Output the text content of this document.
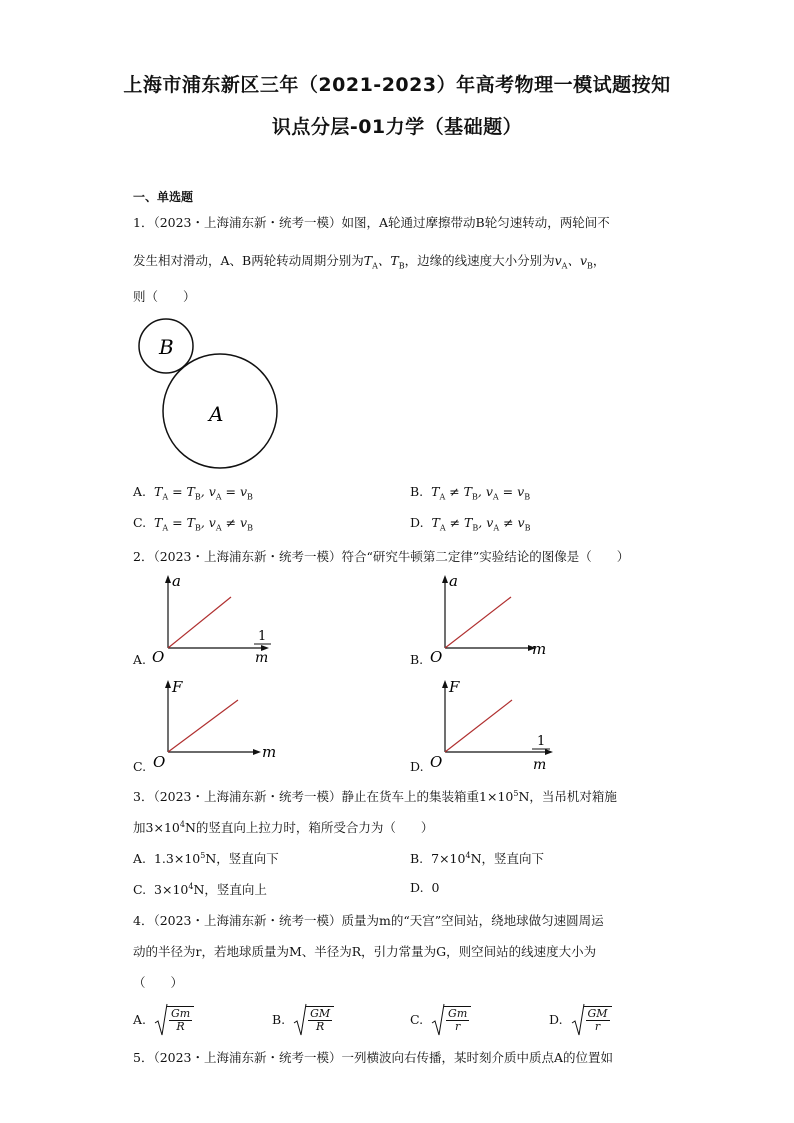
上海市浦东新区三年（2021-2023）年高考物理一模试题按知
识点分层-01力学（基础题）
一、单选题
1．（2023・上海浦东新・统考一模）如图，A轮通过摩擦带动B轮匀速转动，两轮间不
发生相对滑动，A、B两轮转动周期分别为$T_A$、$T_B$，边缘的线速度大小分别为$v_A$、$v_B$，
则（　　）
B
A
A. $T_A = T_B$, $v_A = v_B$	B. $T_A \ne T_B$, $v_A = v_B$
C. $T_A = T_B$, $v_A \ne v_B$	D. $T_A \ne T_B$, $v_A \ne v_B$
2．（2023・上海浦东新・统考一模）符合“研究牛顿第二定律”实验结论的图像是（　　）
A.
a
O
1
m	B.
a
O	m
C.
F
O
m
D.
F
O
1
m
3．（2023・上海浦东新・统考一模）静止在货车上的集装箱重$1\times 10^5N$，当吊机对箱施
加$3\times 10^4N$的竖直向上拉力时，箱所受合力为（　　）
A. $1.3\times 10^5N$，竖直向下	B. $7\times 10^4N$，竖直向下
C. $3\times 10^4N$，竖直向上	D. 0
4．（2023・上海浦东新・统考一模）质量为m的“天宫”空间站，绕地球做匀速圆周运
动的半径为r，若地球质量为M、半径为R，引力常量为G，则空间站的线速度大小为
（　　）
A. $\frac{Gm}{R}$	B. $\frac{GM}{R}$	C. $\frac{Gm}{r}$	D. $\frac{GM}{r}$
5．（2023・上海浦东新・统考一模）一列横波向右传播，某时刻介质中质点A的位置如
